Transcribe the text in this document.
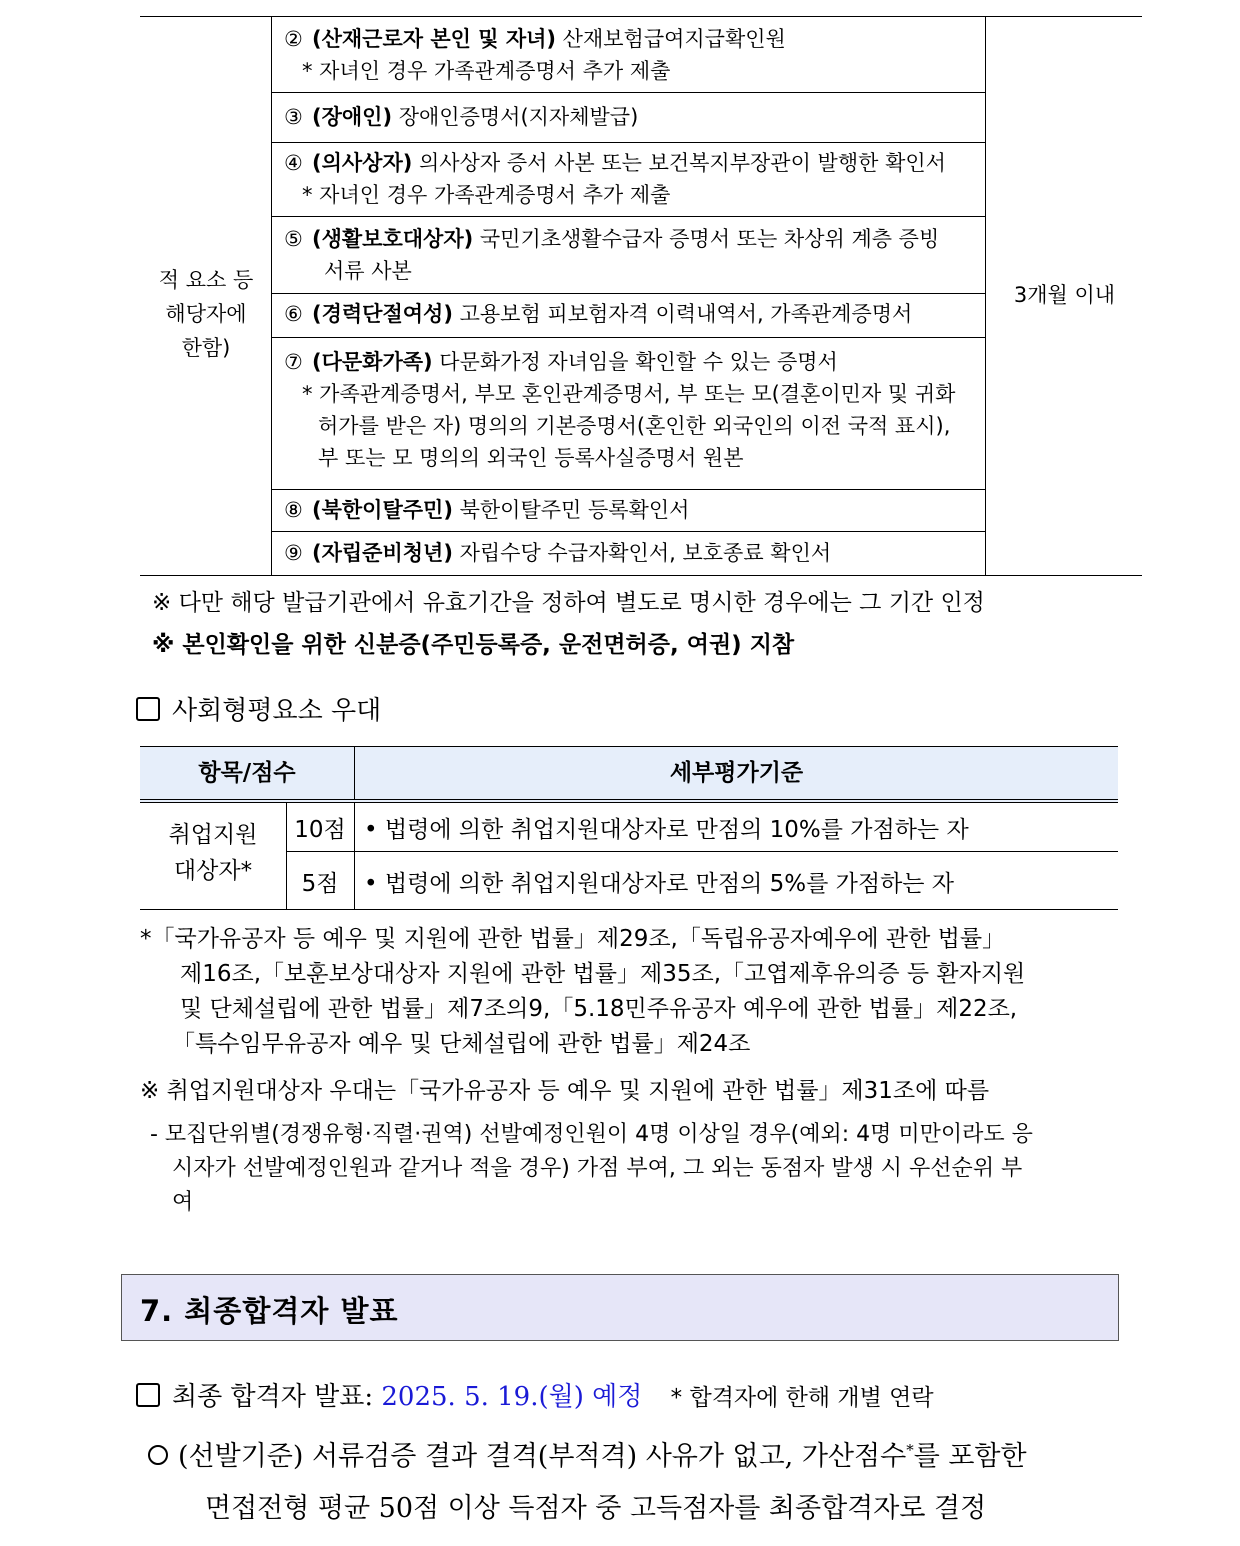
적 요소 등
해당자에
한함)
② (산재근로자 본인 및 자녀) 산재보험급여지급확인원
* 자녀인 경우 가족관계증명서 추가 제출
③ (장애인) 장애인증명서(지자체발급)
④ (의사상자) 의사상자 증서 사본 또는 보건복지부장관이 발행한 확인서
* 자녀인 경우 가족관계증명서 추가 제출
⑤ (생활보호대상자) 국민기초생활수급자 증명서 또는 차상위 계층 증빙
서류 사본
⑥ (경력단절여성) 고용보험 피보험자격 이력내역서, 가족관계증명서
⑦ (다문화가족) 다문화가정 자녀임을 확인할 수 있는 증명서
* 가족관계증명서, 부모 혼인관계증명서, 부 또는 모(결혼이민자 및 귀화
허가를 받은 자) 명의의 기본증명서(혼인한 외국인의 이전 국적 표시),
부 또는 모 명의의 외국인 등록사실증명서 원본
⑧ (북한이탈주민) 북한이탈주민 등록확인서
⑨ (자립준비청년) 자립수당 수급자확인서, 보호종료 확인서
3개월 이내
※ 다만 해당 발급기관에서 유효기간을 정하여 별도로 명시한 경우에는 그 기간 인정
※ 본인확인을 위한 신분증(주민등록증, 운전면허증, 여권) 지참
사회형평요소 우대
항목/점수	세부평가기준
취업지원
대상자*
10점 • 법령에 의한 취업지원대상자로 만점의 10%를 가점하는 자
5점	• 법령에 의한 취업지원대상자로 만점의 5%를 가점하는 자
*「국가유공자 등 예우 및 지원에 관한 법률」제29조,「독립유공자예우에 관한 법률」
제16조,「보훈보상대상자 지원에 관한 법률」제35조,「고엽제후유의증 등 환자지원
및 단체설립에 관한 법률」제7조의9,「5.18민주유공자 예우에 관한 법률」제22조,
「특수임무유공자 예우 및 단체설립에 관한 법률」제24조
※ 취업지원대상자 우대는「국가유공자 등 예우 및 지원에 관한 법률」제31조에 따름
- 모집단위별(경쟁유형·직렬·권역) 선발예정인원이 4명 이상일 경우(예외: 4명 미만이라도 응
시자가 선발예정인원과 같거나 적을 경우) 가점 부여, 그 외는 동점자 발생 시 우선순위 부
여
7. 최종합격자 발표
최종 합격자 발표: 2025. 5. 19.(월) 예정 * 합격자에 한해 개별 연락
(선발기준) 서류검증 결과 결격(부적격) 사유가 없고, 가산점수*를 포함한
면접전형 평균 50점 이상 득점자 중 고득점자를 최종합격자로 결정
